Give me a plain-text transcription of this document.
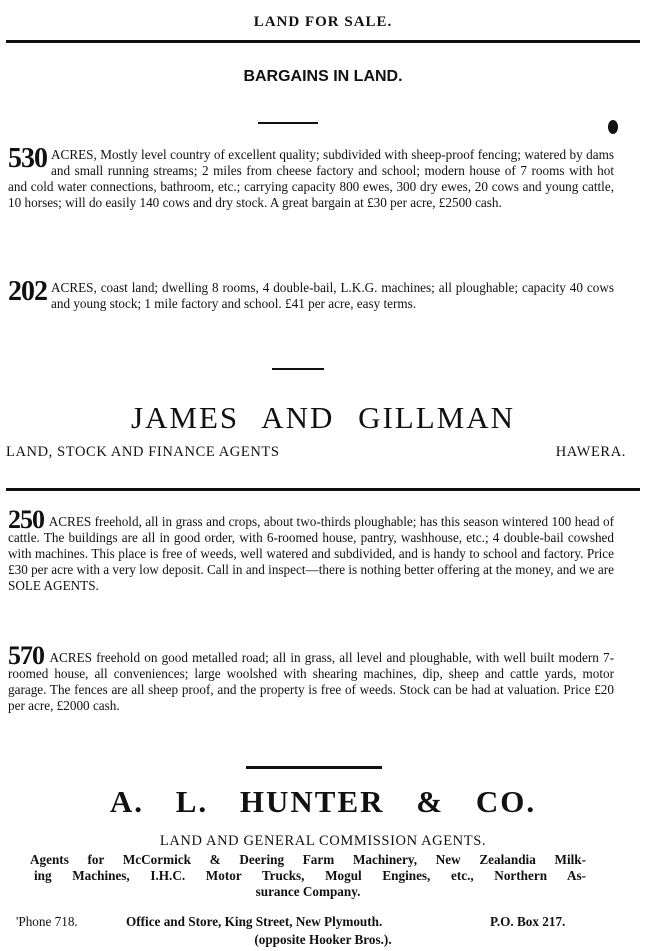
LAND FOR SALE.
BARGAINS IN LAND.

530 ACRES, Mostly level country of excellent quality; subdivided with sheep-proof fencing; watered by dams and small running streams; 2 miles from cheese factory and school; modern house of 7 rooms with hot and cold water connections, bathroom, etc.; carrying capacity 800 ewes, 300 dry ewes, 20 cows and young cattle, 10 horses; will do easily 140 cows and dry stock. A great bargain at £30 per acre, £2500 cash.

202 ACRES, coast land; dwelling 8 rooms, 4 double-bail, L.K.G. machines; all ploughable; capacity 40 cows and young stock; 1 mile factory and school. £41 per acre, easy terms.

JAMES AND GILLMAN
LAND, STOCK AND FINANCE AGENTS	HAWERA.

250 ACRES freehold, all in grass and crops, about two-thirds ploughable; has this season wintered 100 head of cattle. The buildings are all in good order, with 6-roomed house, pantry, washhouse, etc.; 4 double-bail cowshed with machines. This place is free of weeds, well watered and subdivided, and is handy to school and factory. Price £30 per acre with a very low deposit. Call in and inspect—there is nothing better offering at the money, and we are SOLE AGENTS.

570 ACRES freehold on good metalled road; all in grass, all level and ploughable, with well built modern 7-roomed house, all conveniences; large woolshed with shearing machines, dip, sheep and cattle yards, motor garage. The fences are all sheep proof, and the property is free of weeds. Stock can be had at valuation. Price £20 per acre, £2000 cash.

A. L. HUNTER & CO.
LAND AND GENERAL COMMISSION AGENTS.
Agents for McCormick & Deering Farm Machinery, New Zealandia Milk-
ing Machines, I.H.C. Motor Trucks, Mogul Engines, etc., Northern As-
surance Company.
'Phone 718.	Office and Store, King Street, New Plymouth.	P.O. Box 217.
(opposite Hooker Bros.).
